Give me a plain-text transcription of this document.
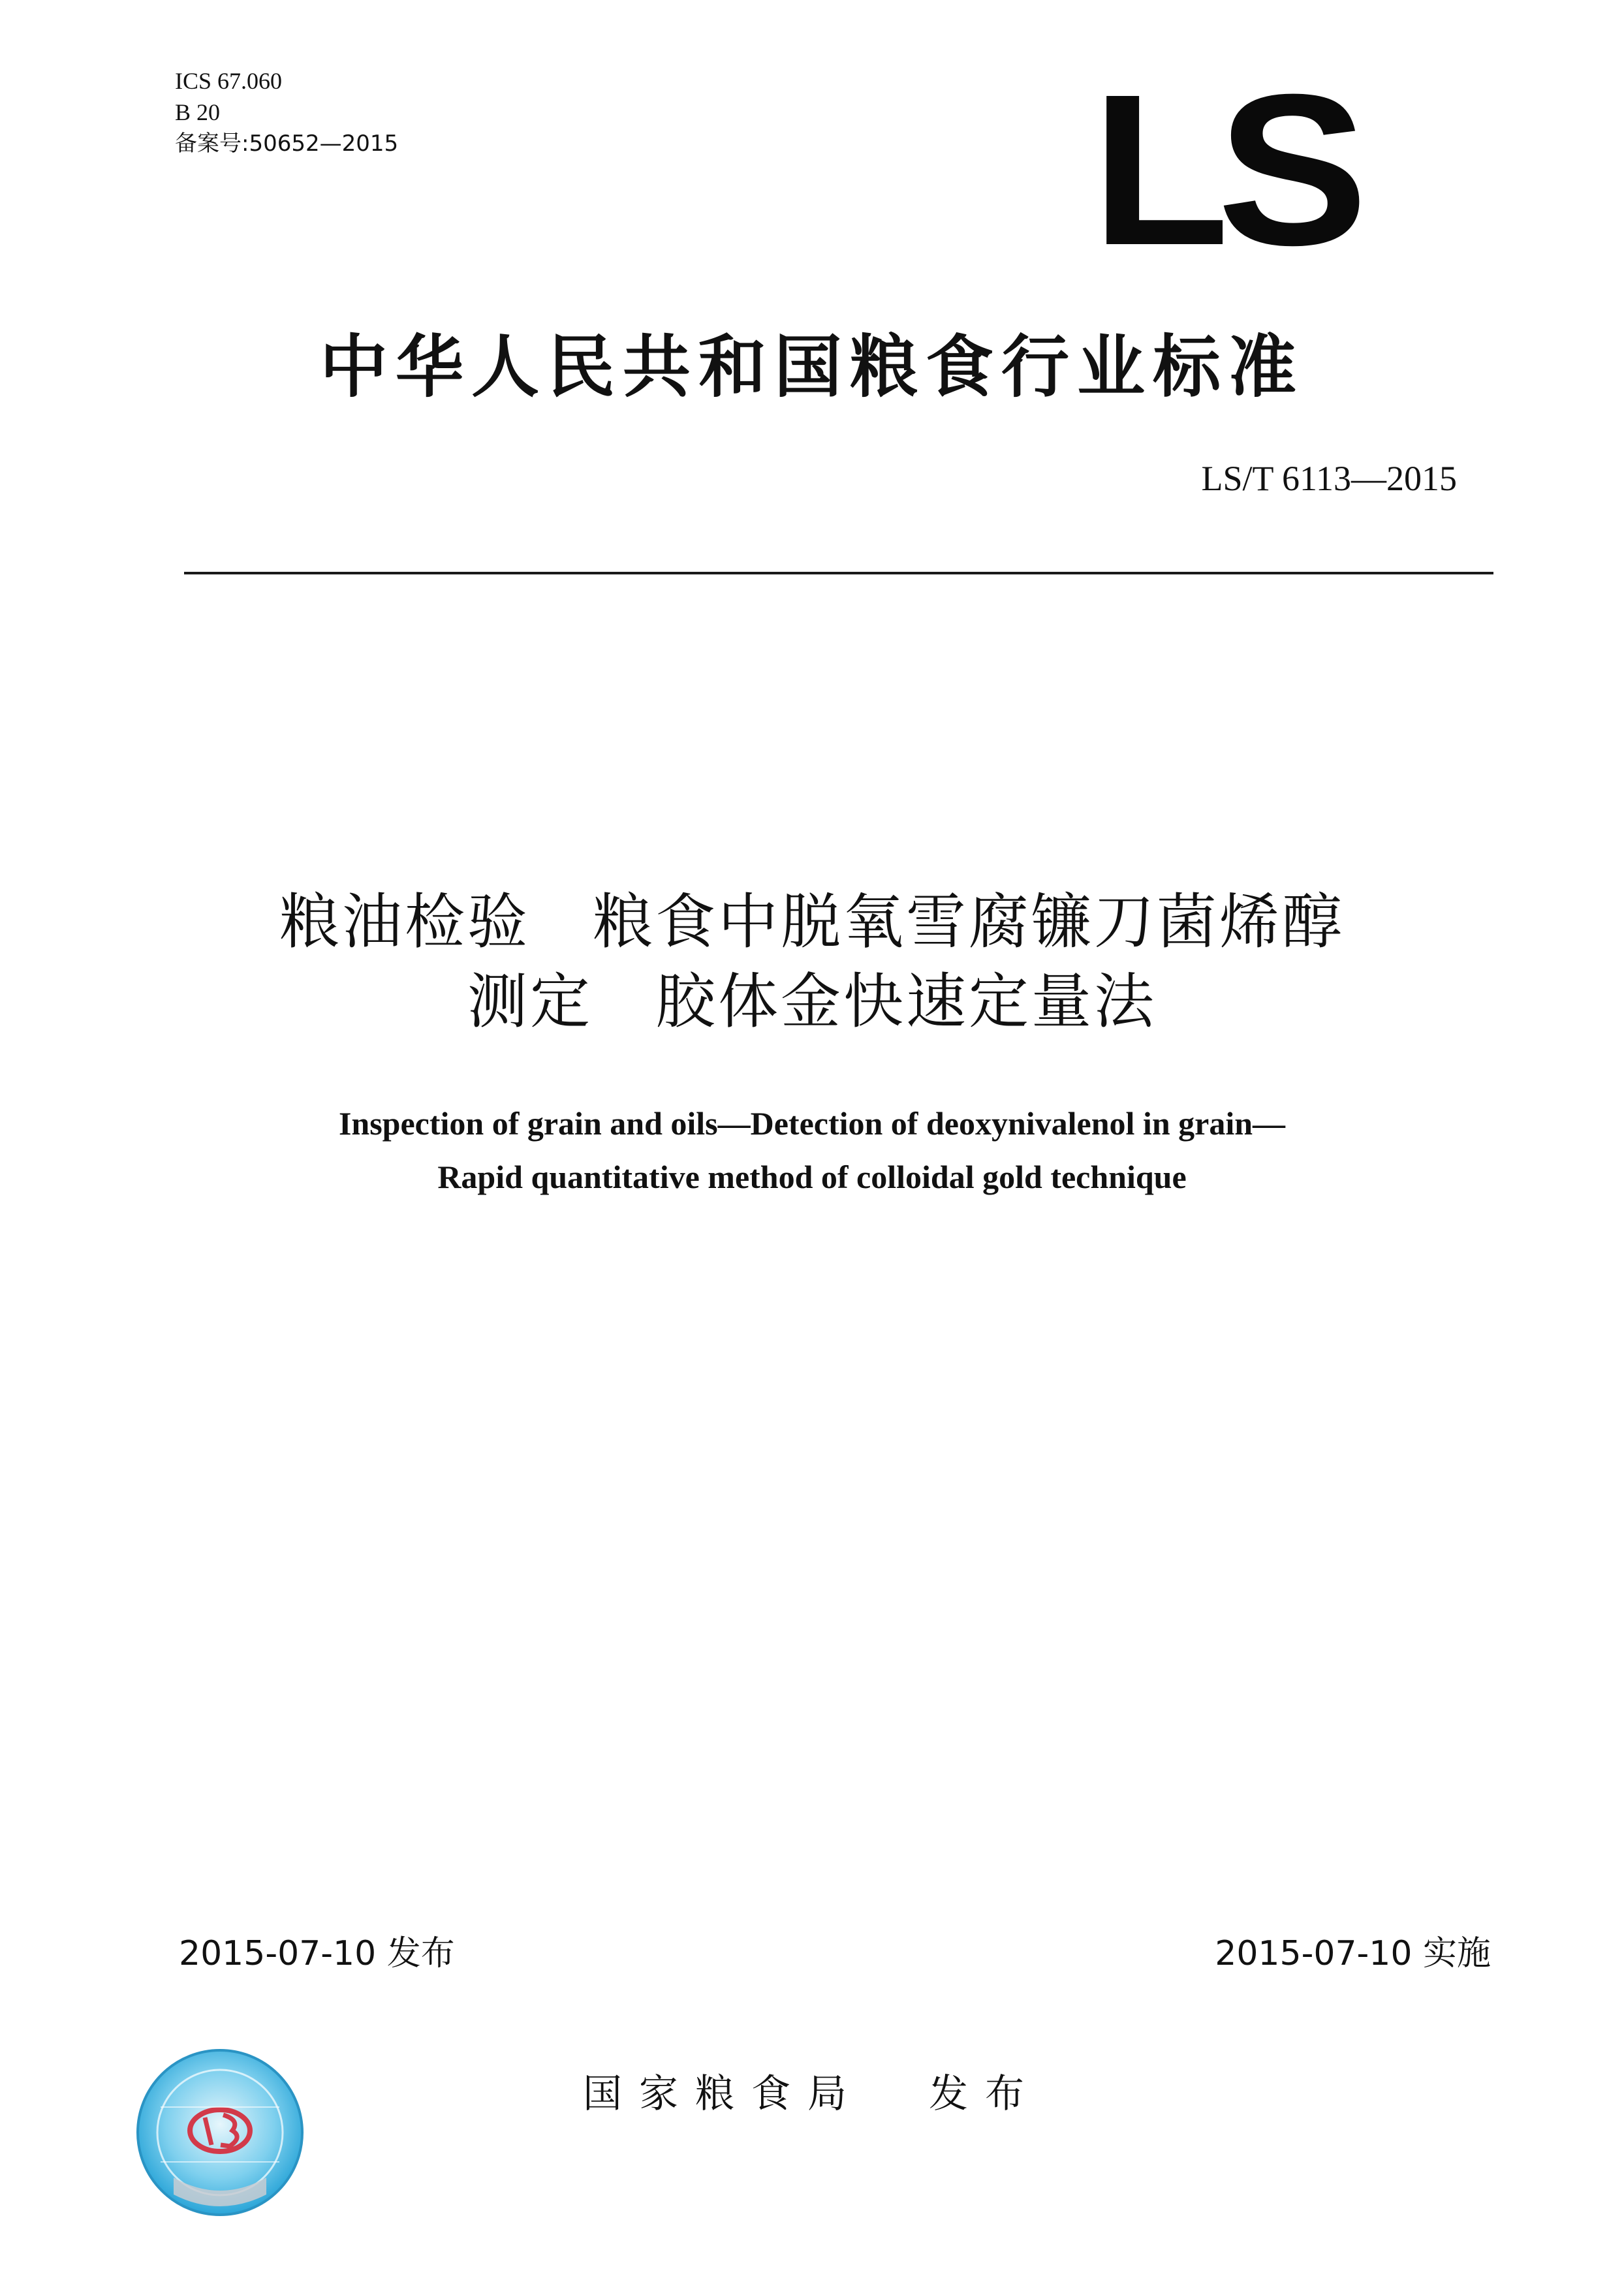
ICS 67.060
B 20
备案号:50652—2015	LS
中华人民共和国粮食行业标准
LS/T 6113—2015
粮油检验　粮食中脱氧雪腐镰刀菌烯醇
测定　胶体金快速定量法
Inspection of grain and oils—Detection of deoxynivalenol in grain—
Rapid quantitative method of colloidal gold technique
2015-07-10 发布	2015-07-10 实施
国家粮食局 发布
